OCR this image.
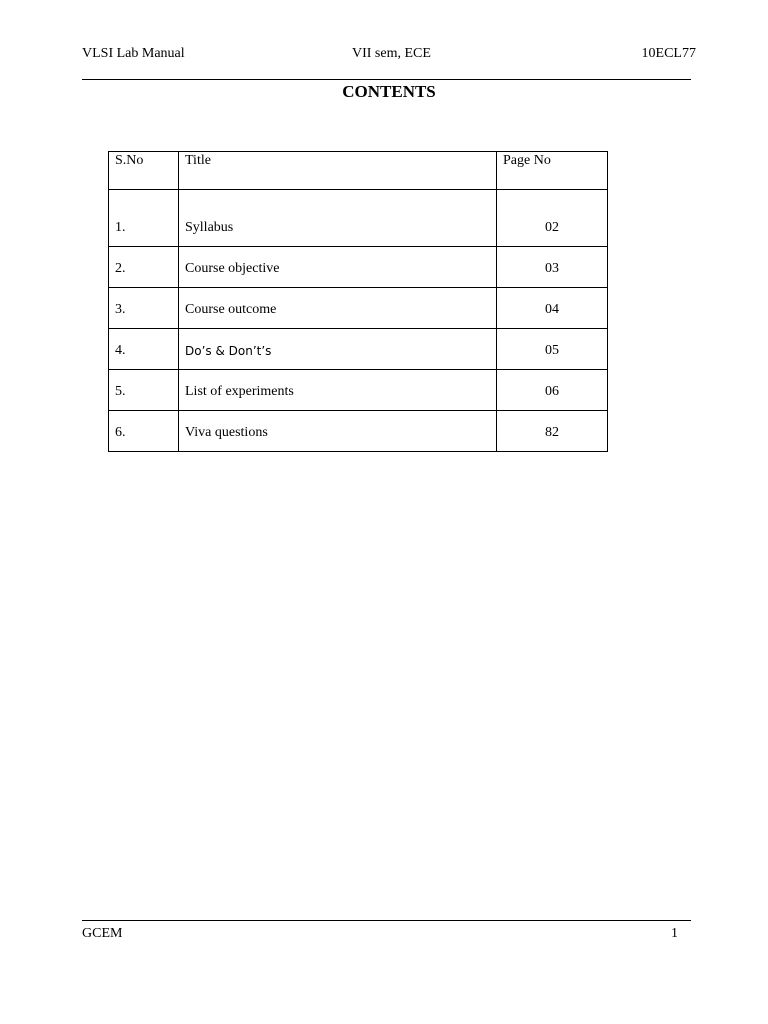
VLSI Lab Manual	VII sem, ECE	10ECL77
CONTENTS
S.No	Title	Page No
1.	Syllabus	02
2.	Course objective	03
3.	Course outcome	04
4.	Do’s & Don’t’s	05
5.	List of experiments	06
6.	Viva questions	82
GCEM	1
